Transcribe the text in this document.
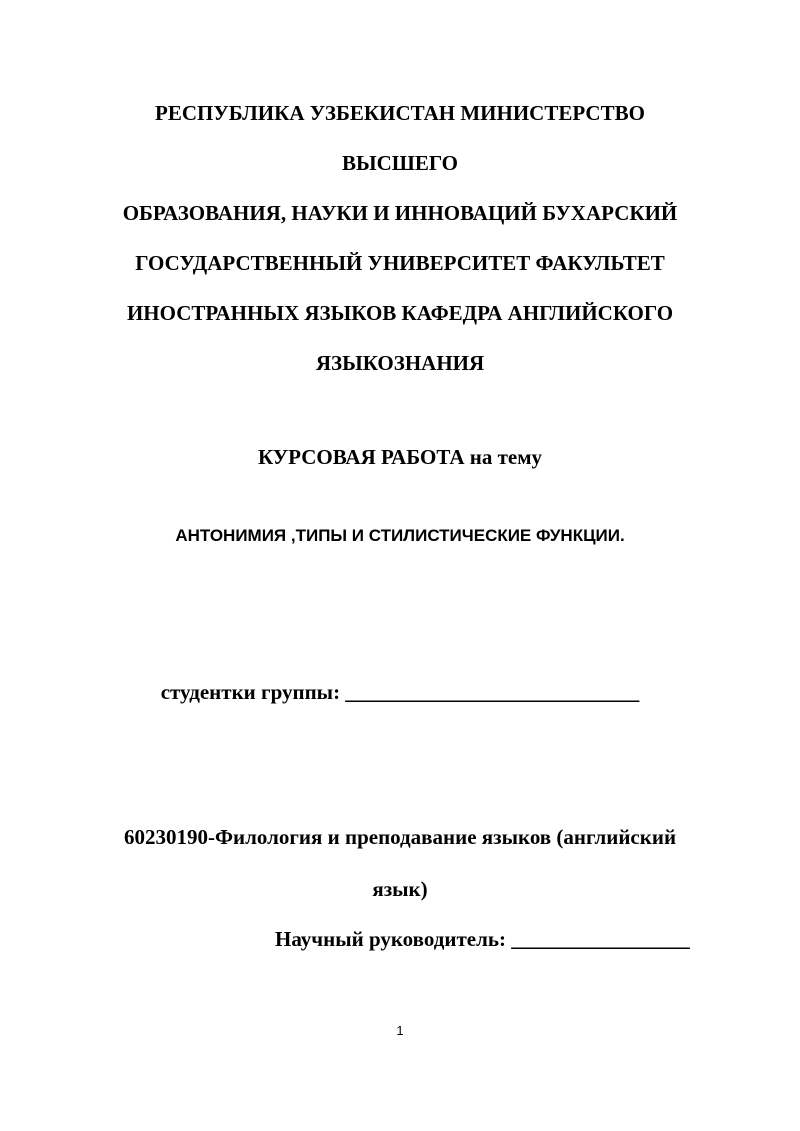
РЕСПУБЛИКА УЗБЕКИСТАН МИНИСТЕРСТВО
ВЫСШЕГО
ОБРАЗОВАНИЯ, НАУКИ И ИННОВАЦИЙ БУХАРСКИЙ
ГОСУДАРСТВЕННЫЙ УНИВЕРСИТЕТ ФАКУЛЬТЕТ
ИНОСТРАННЫХ ЯЗЫКОВ КАФЕДРА АНГЛИЙСКОГО
ЯЗЫКОЗНАНИЯ
КУРСОВАЯ РАБОТА на тему
АНТОНИМИЯ ,ТИПЫ И СТИЛИСТИЧЕСКИЕ ФУНКЦИИ.
студентки группы: ____________________________
60230190-Филология и преподавание языков (английский
язык)
Научный руководитель: _________________
1
